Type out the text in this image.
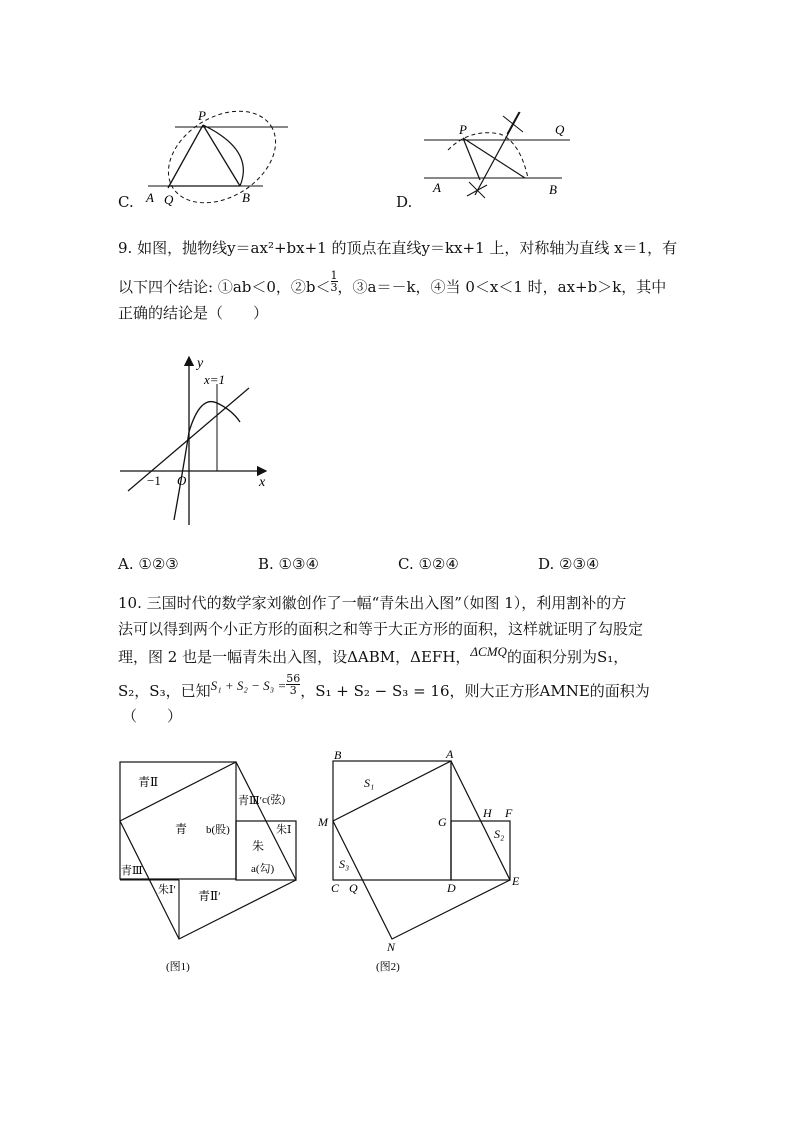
C.
P
A Q	B	D.
P	Q
A	B
9. 如图，抛物线y＝ax²+bx+1 的顶点在直线y＝kx+1 上，对称轴为直线 x＝1，有
以下四个结论: ①ab＜0，②b＜ $\frac{1}{3}$ ，③a＝－k，④当 0＜x＜1 时，ax+b＞k，其中
正确的结论是（　　）
y
x
x=1
−1 O
A. ①②③	B. ①③④	C. ①②④	D. ②③④
10. 三国时代的数学家刘徽创作了一幅“青朱出入图”（如图 1），利用割补的方
法可以得到两个小正方形的面积之和等于大正方形的面积，这样就证明了勾股定
理，图 2 也是一幅青朱出入图，设ΔABM，ΔEFH，ΔCMQ的面积分别为S₁，
S₂，S₃，已知$S_1 + S_2 - S_3 = \frac{56}{3}$ ，S₁ + S₂ − S₃ = 16，则大正方形AMNE的面积为
（　　）
青Ⅱ
青 b(股)
青Ⅲ′ c(弦)
朱Ⅰ
朱
a(勾)
青Ⅲ
朱Ⅰ′ 青Ⅱ′
(图1)
B	A
S₁
M	G
H F
S₂
S₃
C Q	D	E
N
(图2)
